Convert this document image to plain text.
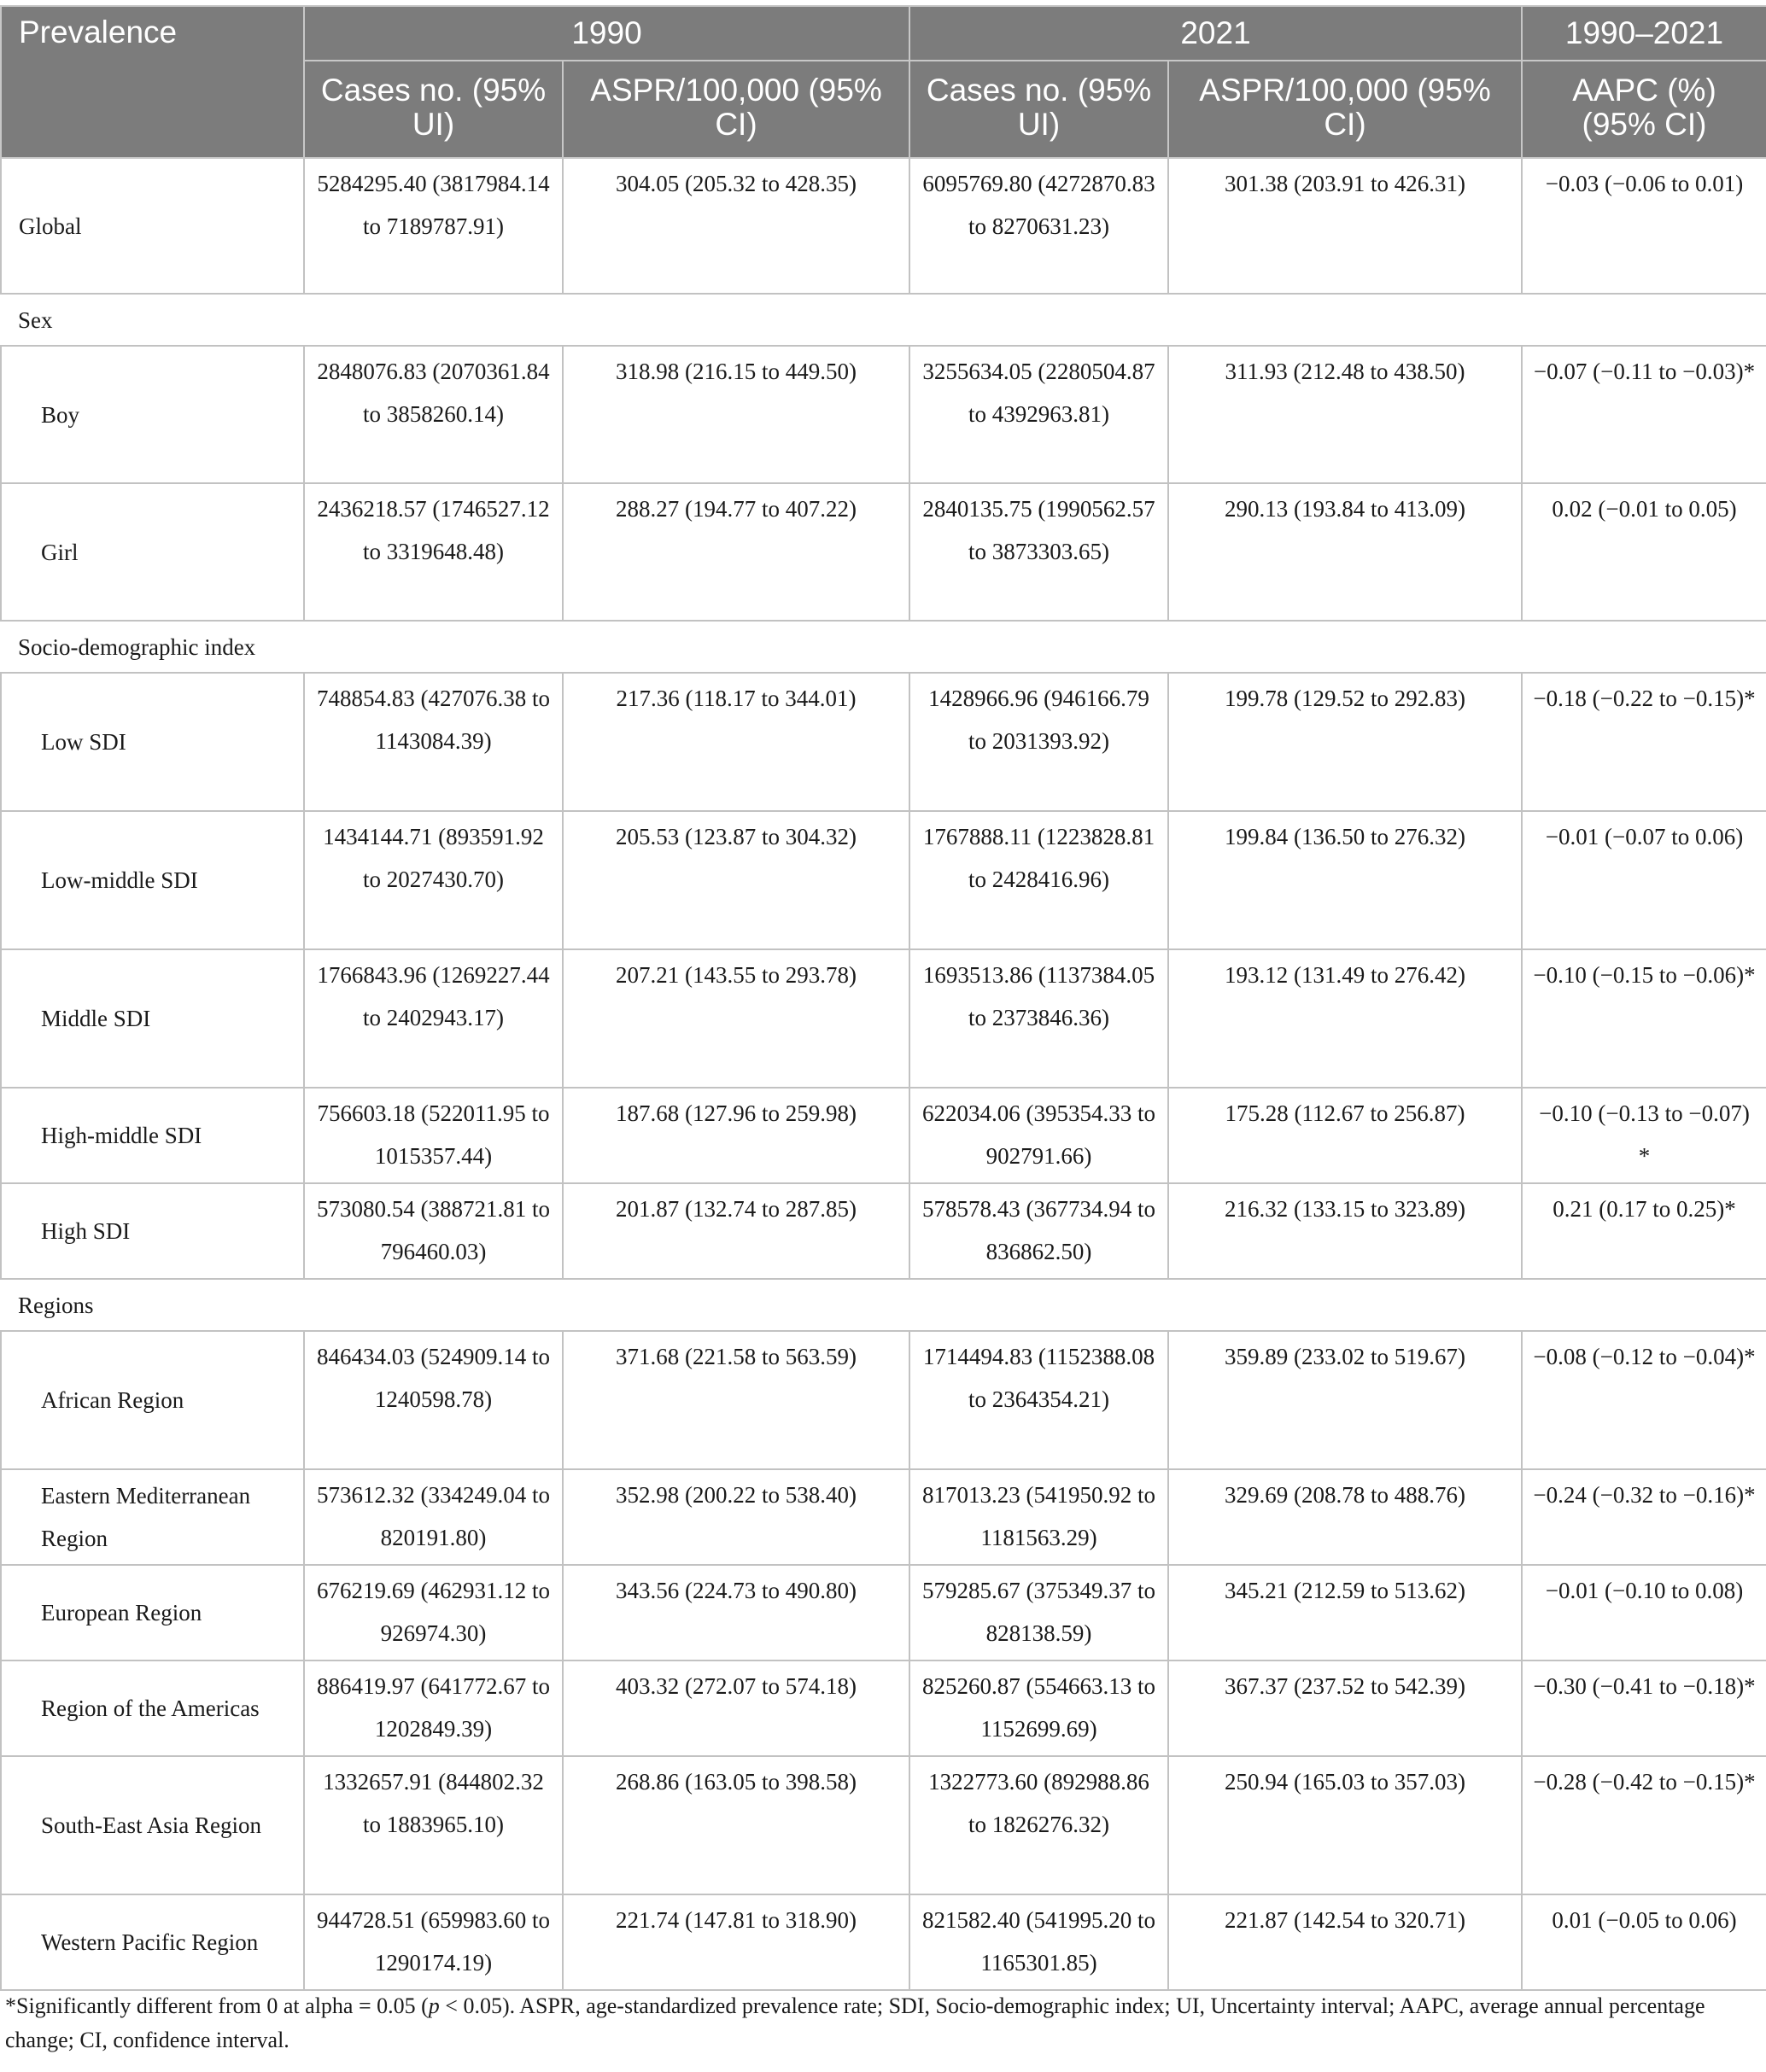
Prevalence	1990		2021		1990–2021
	Cases no. (95% UI)	ASPR/100,000 (95% CI)	Cases no. (95% UI)	ASPR/100,000 (95% CI)	AAPC (%) (95% CI)
Global	5284295.40 (3817984.14 to 7189787.91)	304.05 (205.32 to 428.35)	6095769.80 (4272870.83 to 8270631.23)	301.38 (203.91 to 426.31)	−0.03 (−0.06 to 0.01)
Sex					
Boy	2848076.83 (2070361.84 to 3858260.14)	318.98 (216.15 to 449.50)	3255634.05 (2280504.87 to 4392963.81)	311.93 (212.48 to 438.50)	−0.07 (−0.11 to −0.03)*
Girl	2436218.57 (1746527.12 to 3319648.48)	288.27 (194.77 to 407.22)	2840135.75 (1990562.57 to 3873303.65)	290.13 (193.84 to 413.09)	0.02 (−0.01 to 0.05)
Socio-demographic index					
Low SDI	748854.83 (427076.38 to 1143084.39)	217.36 (118.17 to 344.01)	1428966.96 (946166.79 to 2031393.92)	199.78 (129.52 to 292.83)	−0.18 (−0.22 to −0.15)*
Low-middle SDI	1434144.71 (893591.92 to 2027430.70)	205.53 (123.87 to 304.32)	1767888.11 (1223828.81 to 2428416.96)	199.84 (136.50 to 276.32)	−0.01 (−0.07 to 0.06)
Middle SDI	1766843.96 (1269227.44 to 2402943.17)	207.21 (143.55 to 293.78)	1693513.86 (1137384.05 to 2373846.36)	193.12 (131.49 to 276.42)	−0.10 (−0.15 to −0.06)*
High-middle SDI	756603.18 (522011.95 to 1015357.44)	187.68 (127.96 to 259.98)	622034.06 (395354.33 to 902791.66)	175.28 (112.67 to 256.87)	−0.10 (−0.13 to −0.07) *
High SDI	573080.54 (388721.81 to 796460.03)	201.87 (132.74 to 287.85)	578578.43 (367734.94 to 836862.50)	216.32 (133.15 to 323.89)	0.21 (0.17 to 0.25)*
Regions					
African Region	846434.03 (524909.14 to 1240598.78)	371.68 (221.58 to 563.59)	1714494.83 (1152388.08 to 2364354.21)	359.89 (233.02 to 519.67)	−0.08 (−0.12 to −0.04)*
Eastern Mediterranean Region	573612.32 (334249.04 to 820191.80)	352.98 (200.22 to 538.40)	817013.23 (541950.92 to 1181563.29)	329.69 (208.78 to 488.76)	−0.24 (−0.32 to −0.16)*
European Region	676219.69 (462931.12 to 926974.30)	343.56 (224.73 to 490.80)	579285.67 (375349.37 to 828138.59)	345.21 (212.59 to 513.62)	−0.01 (−0.10 to 0.08)
Region of the Americas	886419.97 (641772.67 to 1202849.39)	403.32 (272.07 to 574.18)	825260.87 (554663.13 to 1152699.69)	367.37 (237.52 to 542.39)	−0.30 (−0.41 to −0.18)*
South-East Asia Region	1332657.91 (844802.32 to 1883965.10)	268.86 (163.05 to 398.58)	1322773.60 (892988.86 to 1826276.32)	250.94 (165.03 to 357.03)	−0.28 (−0.42 to −0.15)*
Western Pacific Region	944728.51 (659983.60 to 1290174.19)	221.74 (147.81 to 318.90)	821582.40 (541995.20 to 1165301.85)	221.87 (142.54 to 320.71)	0.01 (−0.05 to 0.06)
*Significantly different from 0 at alpha = 0.05 (p < 0.05). ASPR, age-standardized prevalence rate; SDI, Socio-demographic index; UI, Uncertainty interval; AAPC, average annual percentage change; CI, confidence interval.
